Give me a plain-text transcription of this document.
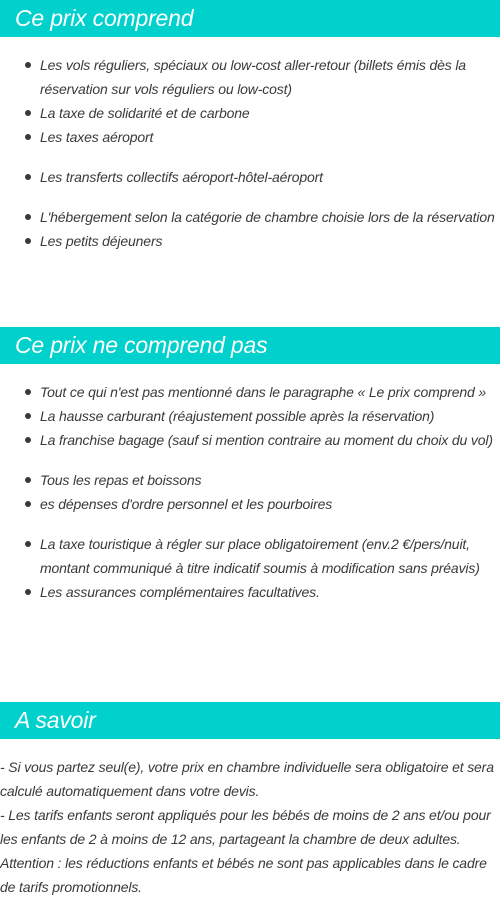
Ce prix comprend
Les vols réguliers, spéciaux ou low-cost aller-retour (billets émis dès la réservation sur vols réguliers ou low-cost)
La taxe de solidarité et de carbone
Les taxes aéroport
Les transferts collectifs aéroport-hôtel-aéroport
L'hébergement selon la catégorie de chambre choisie lors de la réservation
Les petits déjeuners
Ce prix ne comprend pas
Tout ce qui n'est pas mentionné dans le paragraphe « Le prix comprend »
La hausse carburant (réajustement possible après la réservation)
La franchise bagage (sauf si mention contraire au moment du choix du vol)
Tous les repas et boissons
es dépenses d'ordre personnel et les pourboires
La taxe touristique à régler sur place obligatoirement (env.2 €/pers/nuit, montant communiqué à titre indicatif soumis à modification sans préavis)
Les assurances complémentaires facultatives.
A savoir

- Si vous partez seul(e), votre prix en chambre individuelle sera obligatoire et sera calculé automatiquement dans votre devis.

- Les tarifs enfants seront appliqués pour les bébés de moins de 2 ans et/ou pour les enfants de 2 à moins de 12 ans, partageant la chambre de deux adultes.

Attention : les réductions enfants et bébés ne sont pas applicables dans le cadre de tarifs promotionnels.
